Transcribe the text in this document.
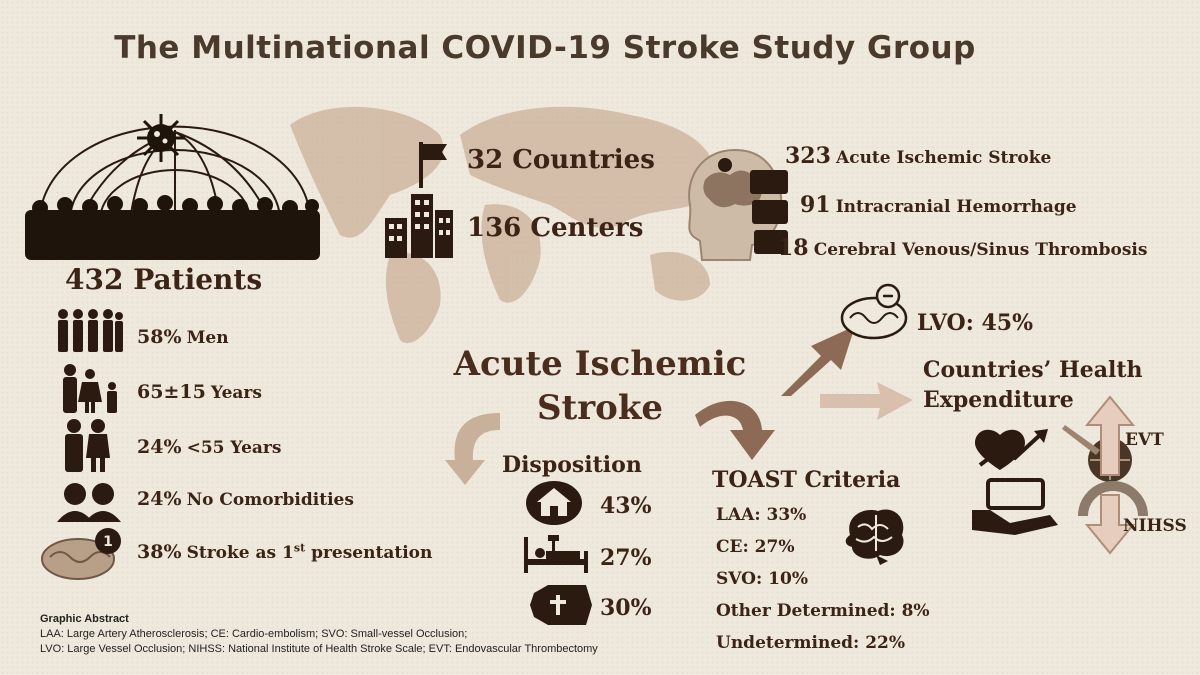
The Multinational COVID-19 Stroke Study Group
432 Patients
58% Men
65±15 Years
24% <55 Years
24% No Comorbidities
1 38% Stroke as 1st presentation
32 Countries
136 Centers
323 Acute Ischemic Stroke
91 Intracranial Hemorrhage
18 Cerebral Venous/Sinus Thrombosis
Acute Ischemic
Stroke
LVO: 45%
Countries’ Health
Expenditure
EVT
NIHSS
Disposition
43%
27%
30%
TOAST Criteria
LAA: 33%
CE: 27%
SVO: 10%
Other Determined: 8%
Undetermined: 22%
Graphic Abstract
LAA: Large Artery Atherosclerosis; CE: Cardio-embolism; SVO: Small-vessel Occlusion;
LVO: Large Vessel Occlusion; NIHSS: National Institute of Health Stroke Scale; EVT: Endovascular Thrombectomy
